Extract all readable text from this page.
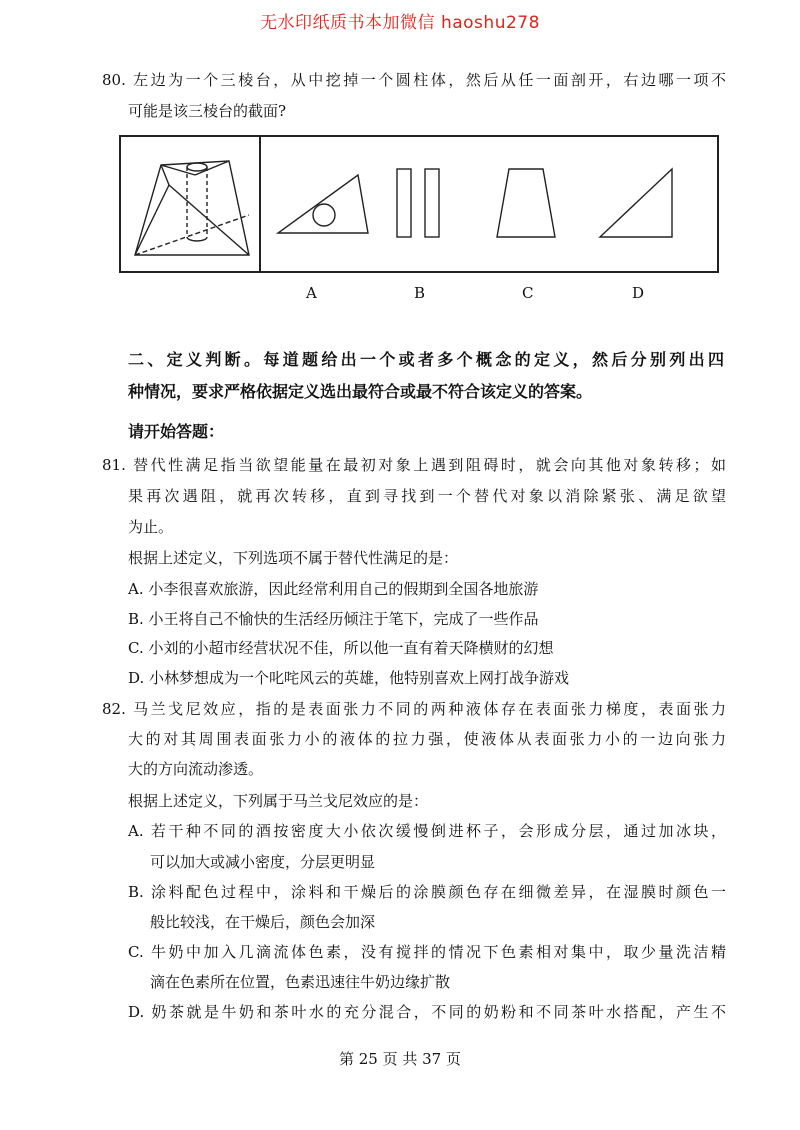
无水印纸质书本加微信 haoshu278
80. 左边为一个三棱台，从中挖掉一个圆柱体，然后从任一面剖开，右边哪一项不
可能是该三棱台的截面?
A	B	C	D
二、定义判断。每道题给出一个或者多个概念的定义，然后分别列出四
种情况，要求严格依据定义选出最符合或最不符合该定义的答案。
请开始答题：
81. 替代性满足指当欲望能量在最初对象上遇到阻碍时，就会向其他对象转移；如
果再次遇阻，就再次转移，直到寻找到一个替代对象以消除紧张、满足欲望
为止。
根据上述定义，下列选项不属于替代性满足的是：
A. 小李很喜欢旅游，因此经常利用自己的假期到全国各地旅游
B. 小王将自己不愉快的生活经历倾注于笔下，完成了一些作品
C. 小刘的小超市经营状况不佳，所以他一直有着天降横财的幻想
D. 小林梦想成为一个叱咤风云的英雄，他特别喜欢上网打战争游戏
82. 马兰戈尼效应，指的是表面张力不同的两种液体存在表面张力梯度，表面张力
大的对其周围表面张力小的液体的拉力强，使液体从表面张力小的一边向张力
大的方向流动渗透。
根据上述定义，下列属于马兰戈尼效应的是：
A. 若干种不同的酒按密度大小依次缓慢倒进杯子，会形成分层，通过加冰块，
可以加大或减小密度，分层更明显
B. 涂料配色过程中，涂料和干燥后的涂膜颜色存在细微差异，在湿膜时颜色一
般比较浅，在干燥后，颜色会加深
C. 牛奶中加入几滴流体色素，没有搅拌的情况下色素相对集中，取少量洗洁精
滴在色素所在位置，色素迅速往牛奶边缘扩散
D. 奶茶就是牛奶和茶叶水的充分混合，不同的奶粉和不同茶叶水搭配，产生不
第 25 页 共 37 页
